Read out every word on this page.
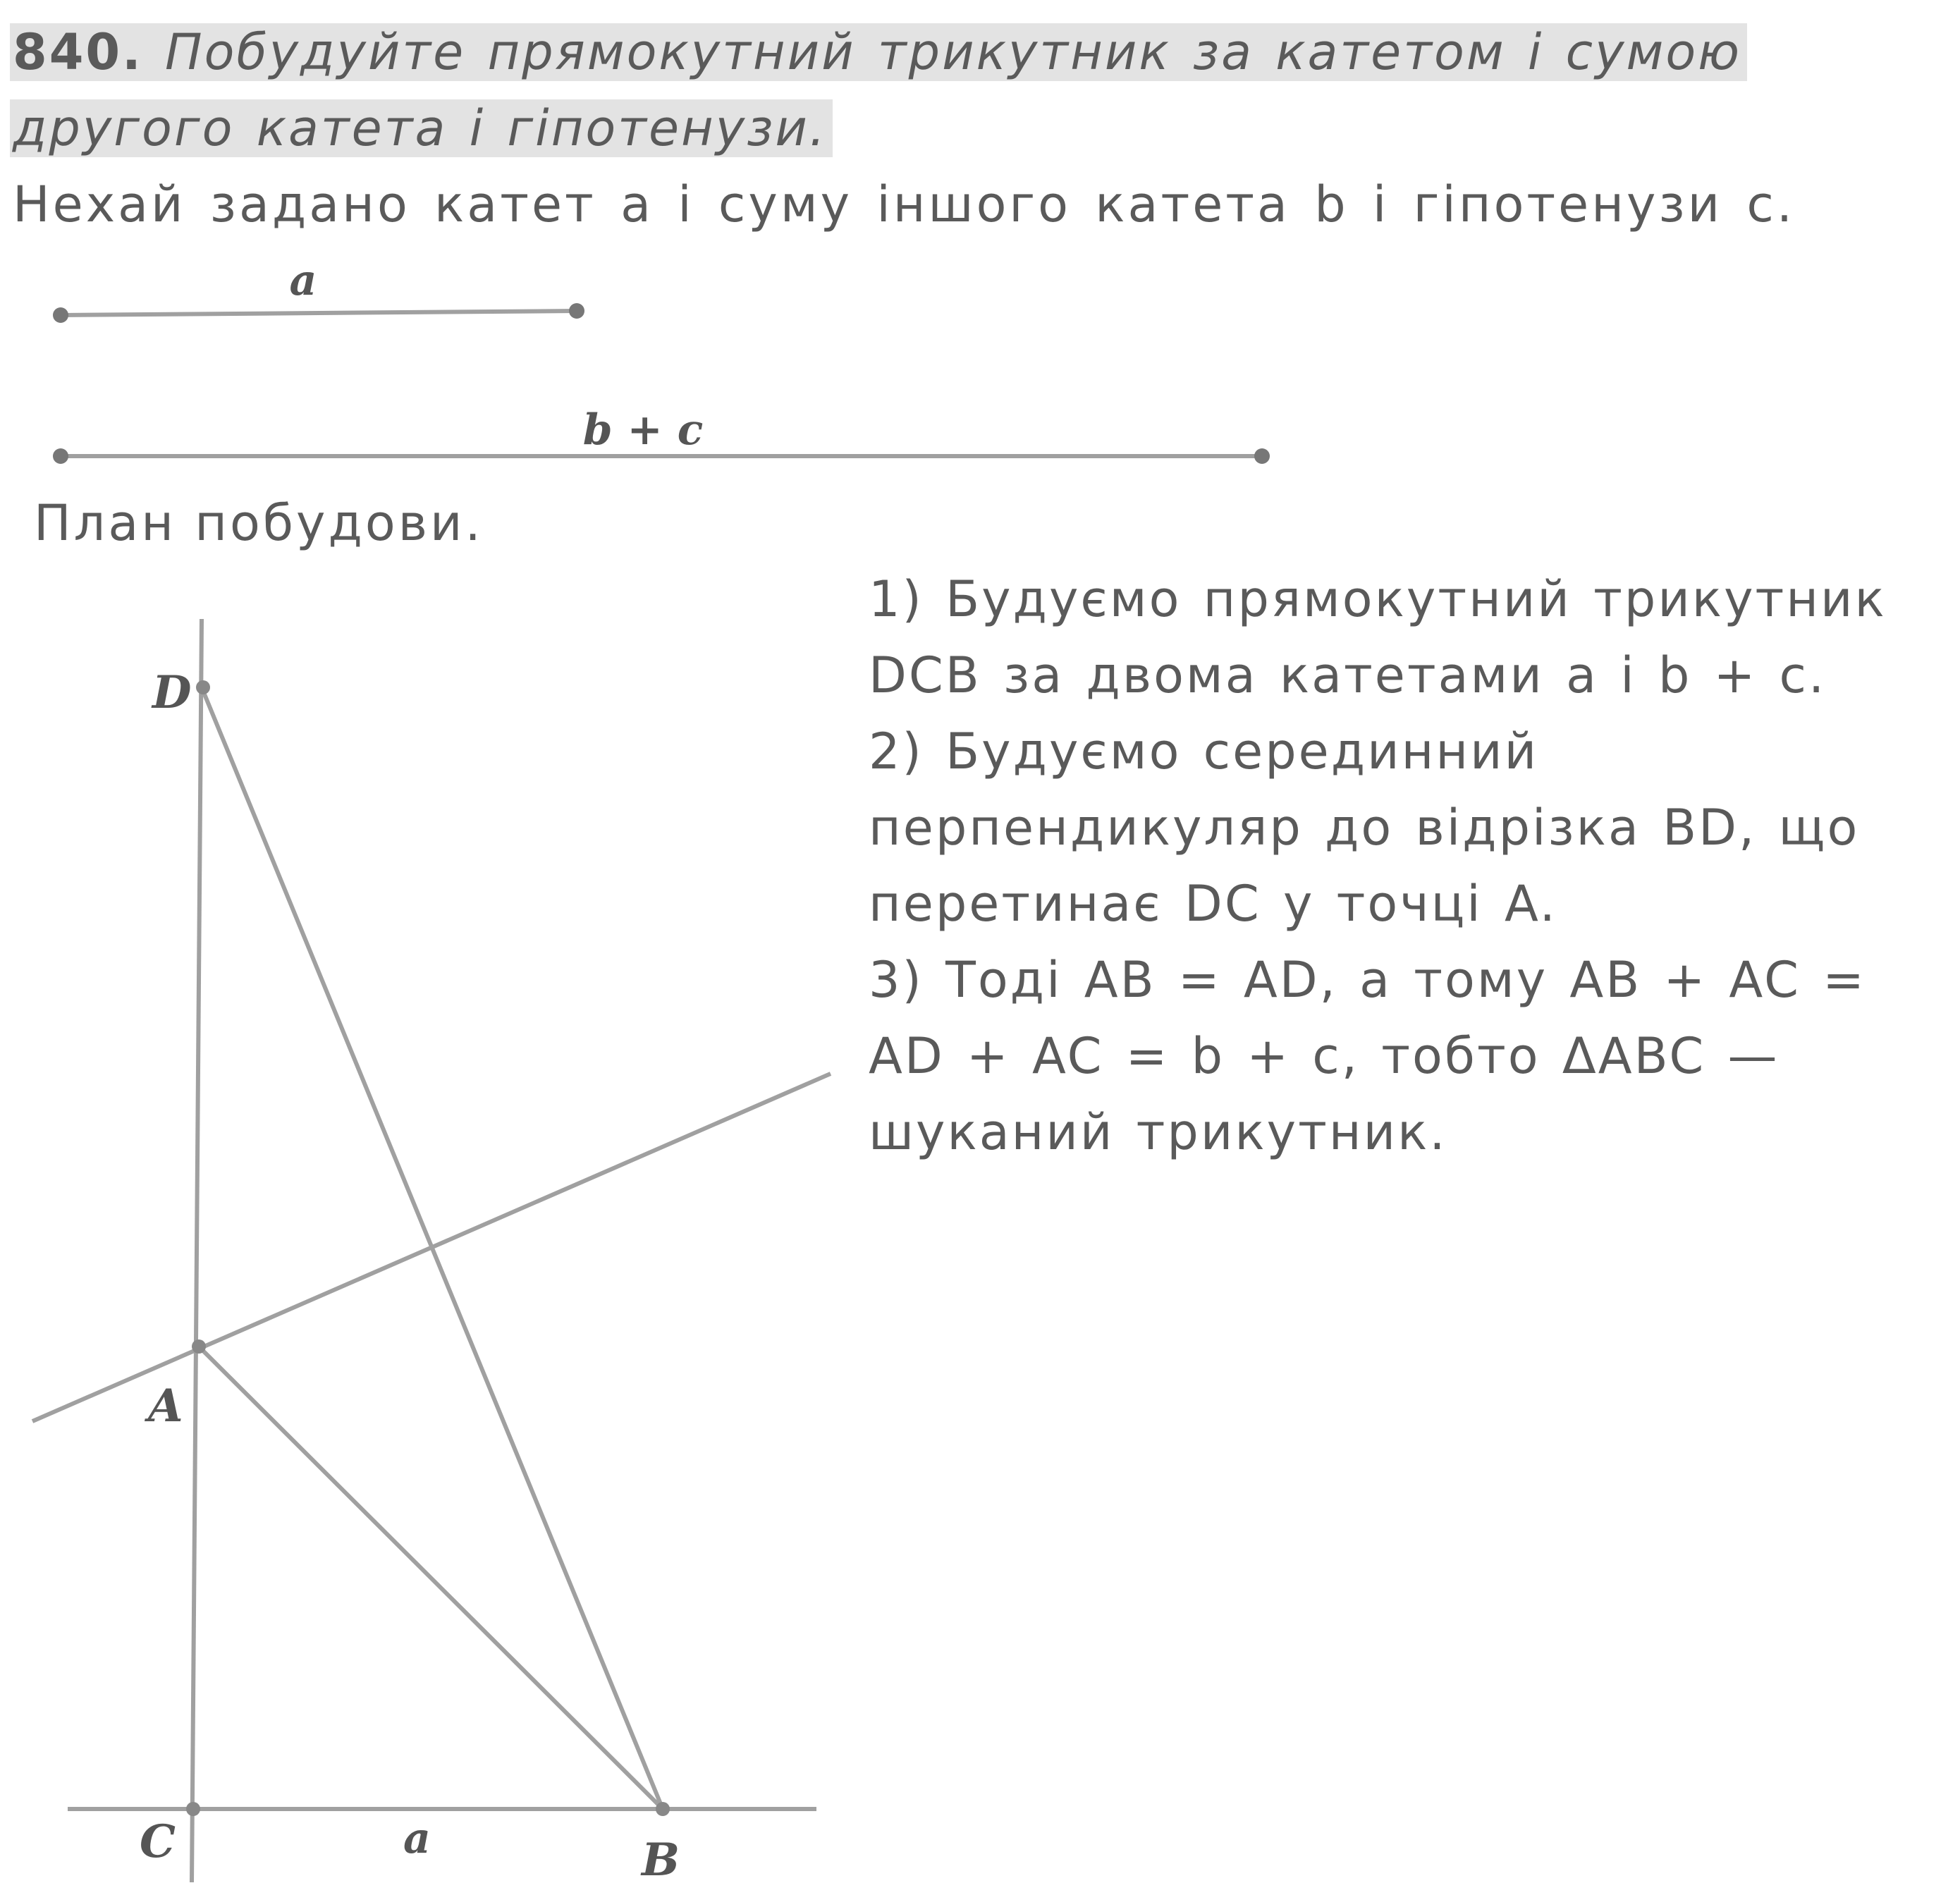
840. Побудуйте прямокутний трикутник за катетом і сумою
другого катета і гіпотенузи.
Нехай задано катет a і суму іншого катета b і гіпотенузи c.
План побудови.

1) Будуємо прямокутний трикутник DCB за двома катетами a і b + c.

2) Будуємо серединний перпендикуляр до відрізка BD, що перетинає DC у точці A.

3) Тоді AB = AD, а тому AB + AC = AD + AC = b + c, тобто ΔABC — шуканий трикутник.

a
b + c
D
A
C	B
a
